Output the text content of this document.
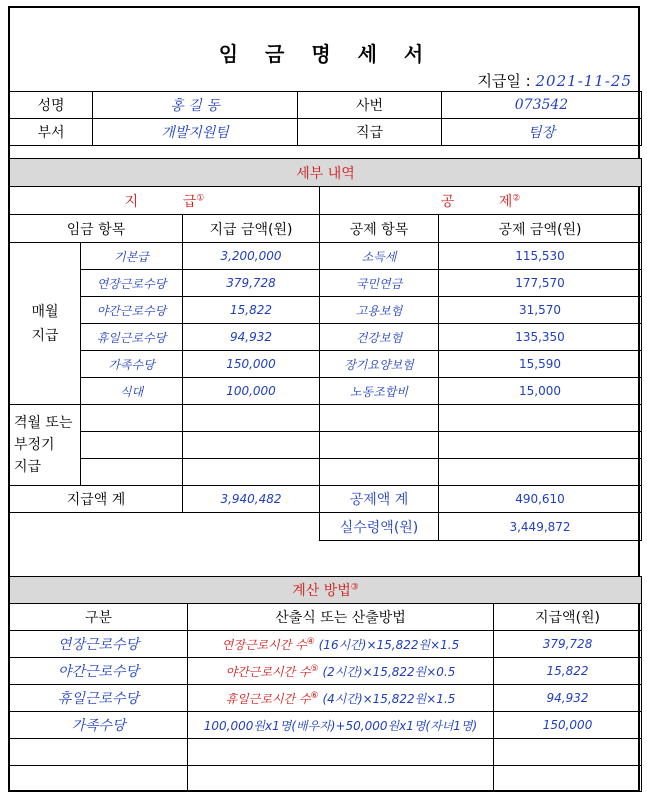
임 금 명 세 서
지급일 : 2021-11-25
성명	홍 길 동	사번	073542
부서	개발지원팀	직급	팀장
세부 내역				
지          급①			공          제②
임금 항목		지급 금액(원)	공제 항목	공제 금액(원)

매월
지급	기본급	3,200,000	소득세	115,530
	연장근로수당	379,728	국민연금	177,570
	야간근로수당	15,822	고용보험	31,570
	휴일근로수당	94,932	건강보험	135,350
	가족수당	150,000	장기요양보험	15,590
	식대	100,000	노동조합비	15,000

격월 또는
부정기
지급				

지급액 계		3,940,482	공제액 계	490,610
			실수령액(원)	3,449,872
계산 방법③
구분	산출식 또는 산출방법	지급액(원)
연장근로수당	연장근로시간 수④ (16시간)×15,822원×1.5	379,728
야간근로수당	야간근로시간 수⑤ (2시간)×15,822원×0.5	15,822
휴일근로수당	휴일근로시간 수⑥ (4시간)×15,822원×1.5	94,932
가족수당	100,000원x1명(배우자)+50,000원x1명(자녀1명)	150,000
